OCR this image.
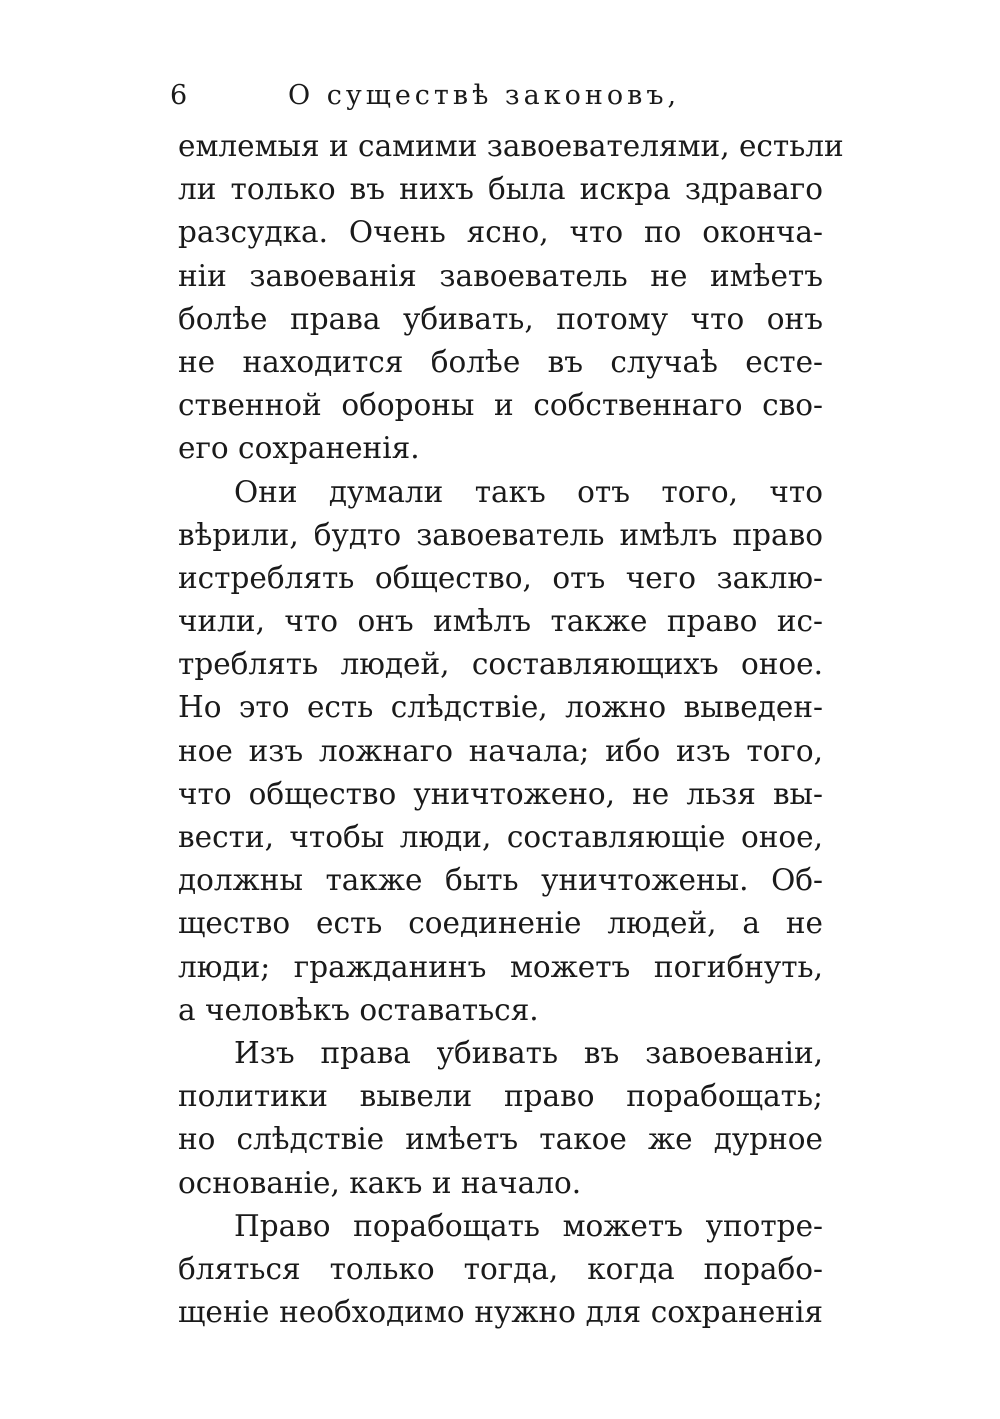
6	О существѣ законовъ,
емлемыя и самими завоевателями, естьли
ли только въ нихъ была искра здраваго
разсудка. Очень ясно, что по оконча-
ніи завоеванія завоеватель не имѣетъ
болѣе права убивать, потому что онъ
не находится болѣе въ случаѣ есте-
ственной обороны и собственнаго сво-
его сохраненія.
Они думали такъ отъ того, что
вѣрили, будто завоеватель имѣлъ право
истреблять общество, отъ чего заклю-
чили, что онъ имѣлъ также право ис-
треблять людей, составляющихъ оное.
Но это есть слѣдствіе, ложно выведен-
ное изъ ложнаго начала; ибо изъ того,
что общество уничтожено, не льзя вы-
вести, чтобы люди, составляющіе оное,
должны также быть уничтожены. Об-
щество есть соединеніе людей, а не
люди; гражданинъ можетъ погибнуть,
а человѣкъ оставаться.
Изъ права убивать въ завоеваніи,
политики вывели право порабощать;
но слѣдствіе имѣетъ такое же дурное
основаніе, какъ и начало.
Право порабощать можетъ употре-
бляться только тогда, когда порабо-
щеніе необходимо нужно для сохраненія
